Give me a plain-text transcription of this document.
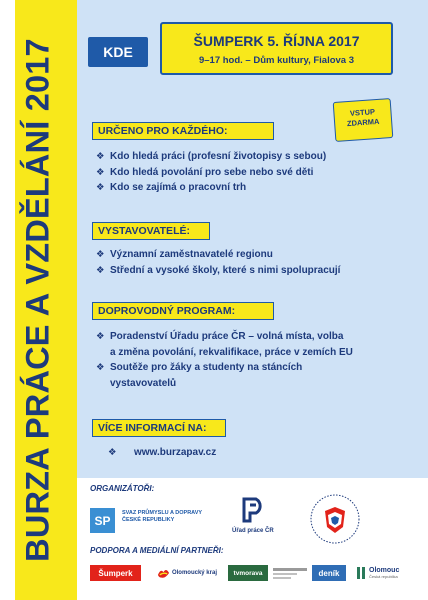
BURZA PRÁCE A VZDĚLÁNÍ 2017	KDE
ŠUMPERK 5. ŘÍJNA 2017
9–17 hod. – Dům kultury, Fialova 3
VSTUP
ZDARMA
URČENO PRO KAŽDÉHO:
❖ Kdo hledá práci (profesní životopisy s sebou)
❖ Kdo hledá povolání pro sebe nebo své děti
❖ Kdo se zajímá o pracovní trh
VYSTAVOVATELÉ:
❖ Významní zaměstnavatelé regionu
❖ Střední a vysoké školy, které s nimi spolupracují
DOPROVODNÝ PROGRAM:
❖ Poradenství Úřadu práce ČR – volná místa, volba
a změna povolání, rekvalifikace, práce v zemích EU
❖ Soutěže pro žáky a studenty na stáncích
vystavovatelů
VÍCE INFORMACÍ NA:
❖	www.burzapav.cz
ORGANIZÁTOŘI:
SP
SVAZ PRŮMYSLU A DOPRAVY
ČESKÉ REPUBLIKY
Úřad práce ČR
PODPORA A MEDIÁLNÍ PARTNEŘI:
Šumperk	Olomoucký kraj	tvmorava	deník	Olomouc
Česká republika
